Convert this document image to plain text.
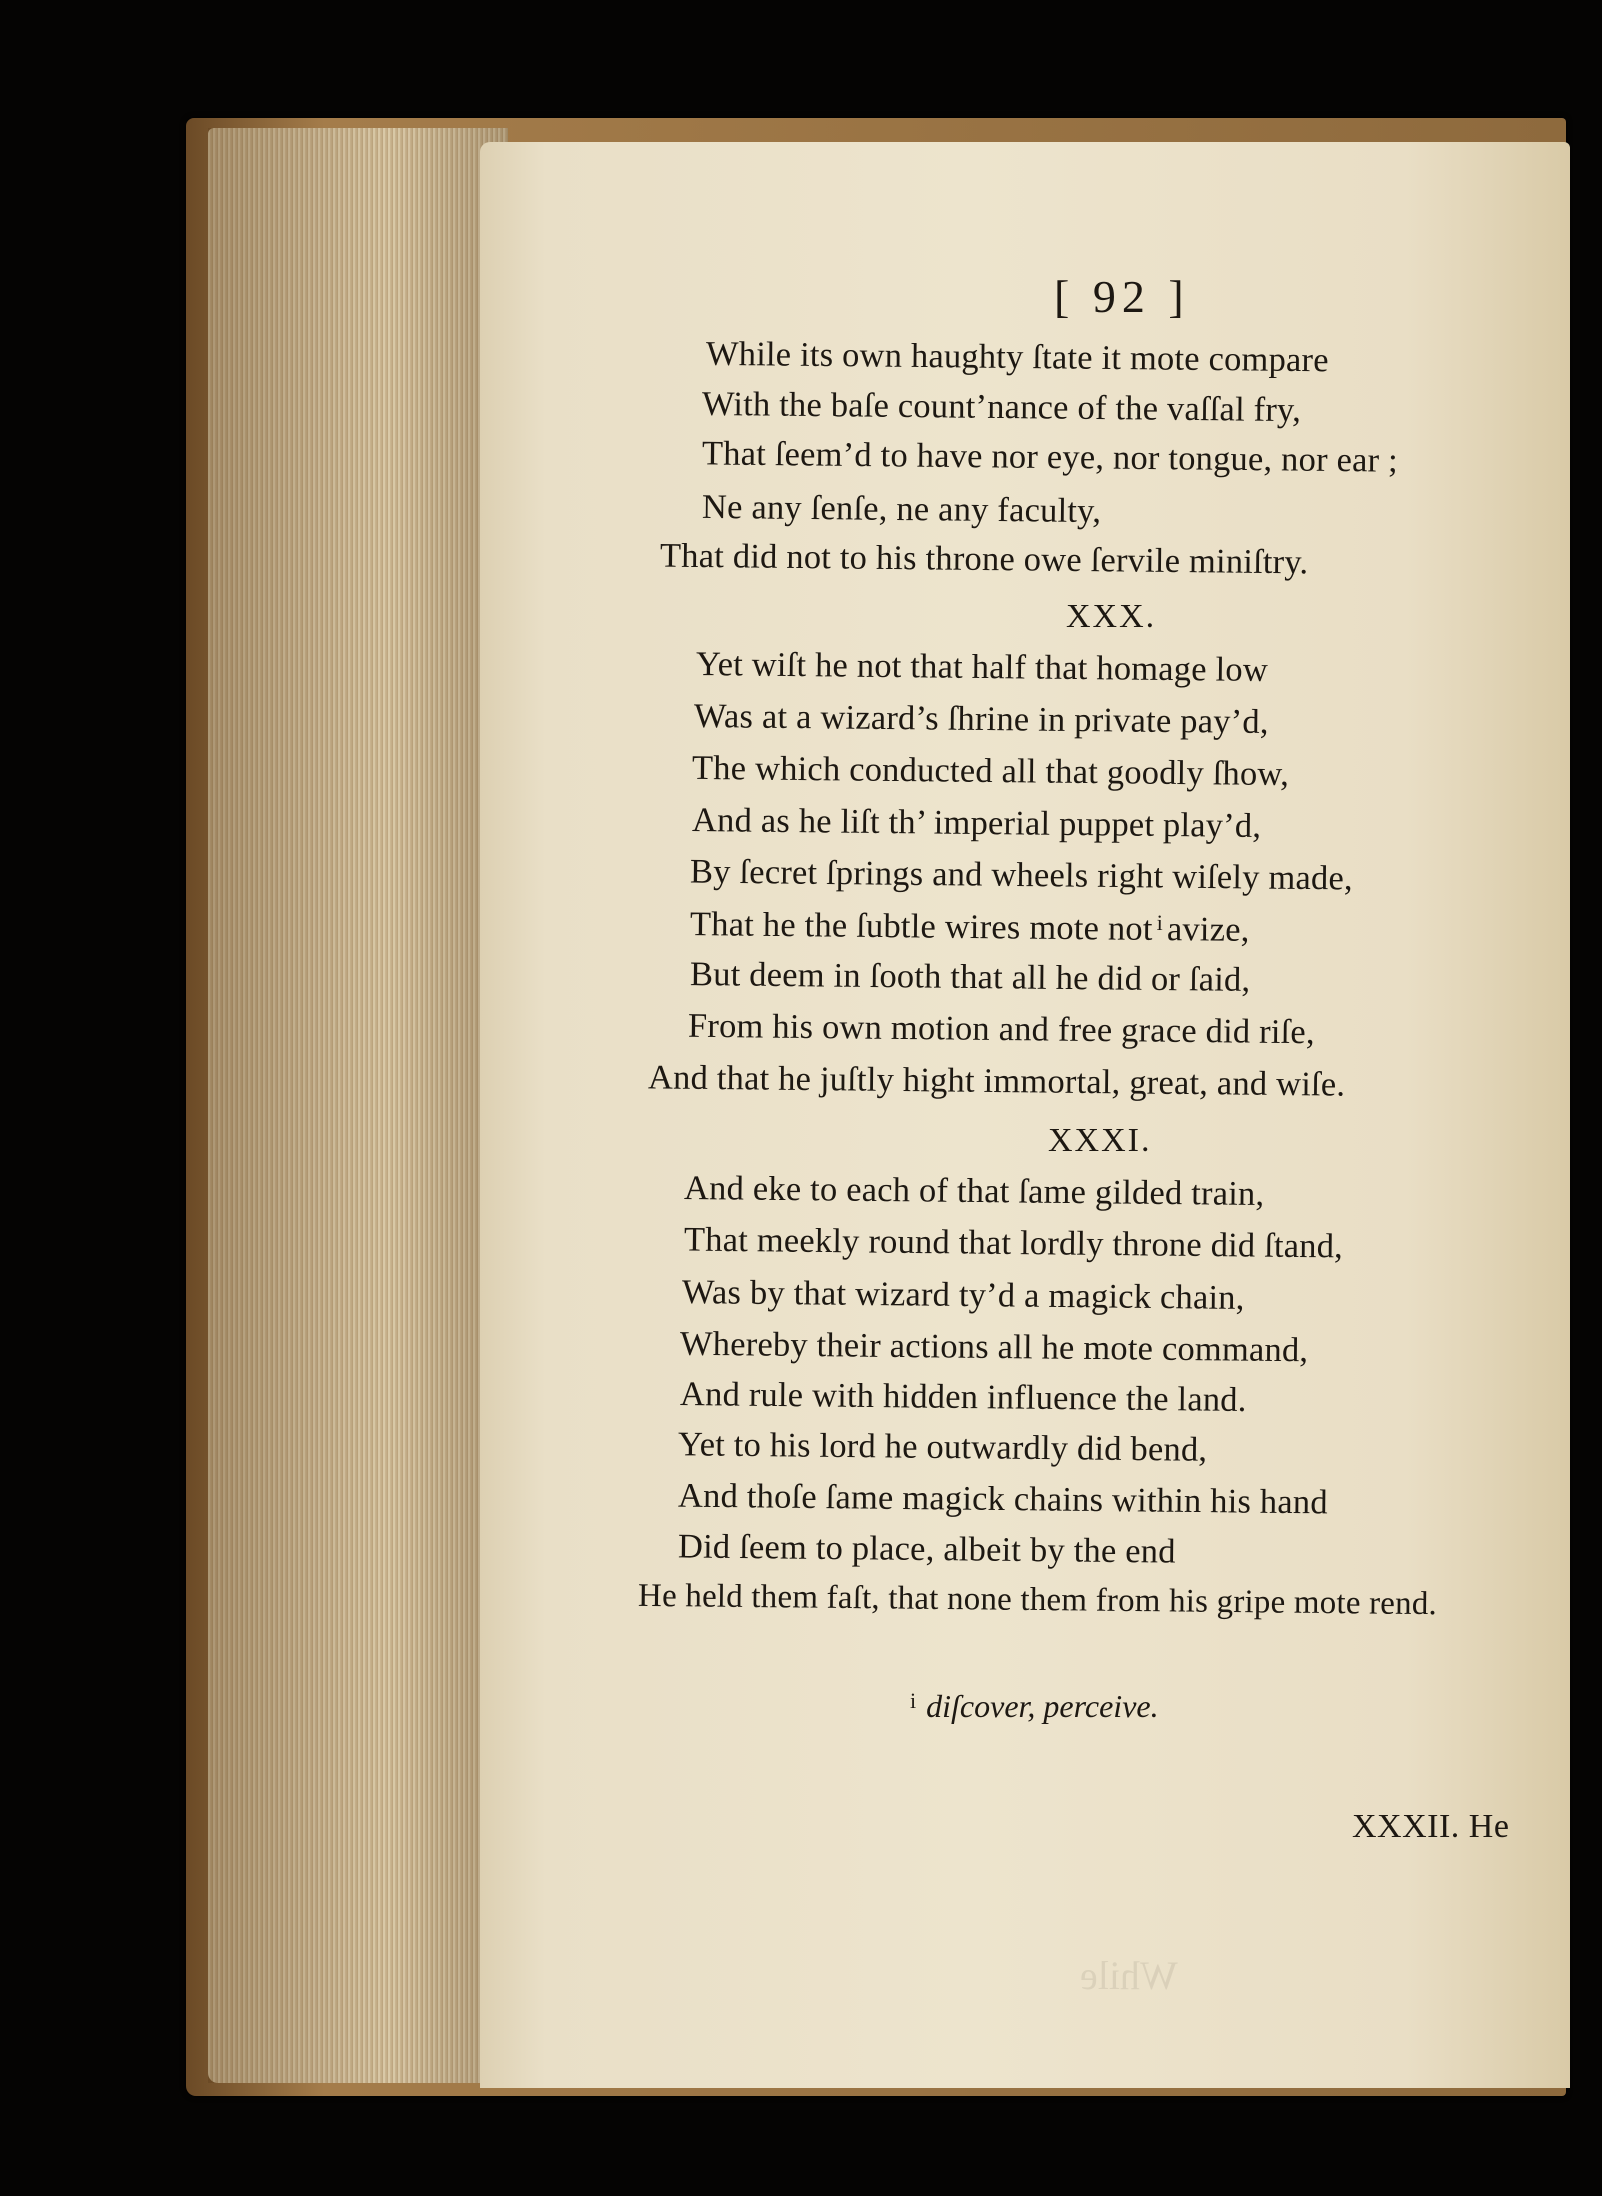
While
[ 92 ]
While its own haughty ſtate it mote compare
With the baſe count’nance of the vaſſal fry,
That ſeem’d to have nor eye, nor tongue, nor ear ;
Ne any ſenſe, ne any faculty,
That did not to his throne owe ſervile miniſtry.
XXX.
Yet wiſt he not that half that homage low
Was at a wizard’s ſhrine in private pay’d,
The which conducted all that goodly ſhow,
And as he liſt th’ imperial puppet play’d,
By ſecret ſprings and wheels right wiſely made,
That he the ſubtle wires mote not $^i$ avize,
But deem in ſooth that all he did or ſaid,
From his own motion and free grace did riſe,
And that he juſtly hight immortal, great, and wiſe.
XXXI.
And eke to each of that ſame gilded train,
That meekly round that lordly throne did ſtand,
Was by that wizard ty’d a magick chain,
Whereby their actions all he mote command,
And rule with hidden influence the land.
Yet to his lord he outwardly did bend,
And thoſe ſame magick chains within his hand
Did ſeem to place, albeit by the end
He held them faſt, that none them from his gripe mote rend.
$^i$ diſcover, perceive.
XXXII. He
